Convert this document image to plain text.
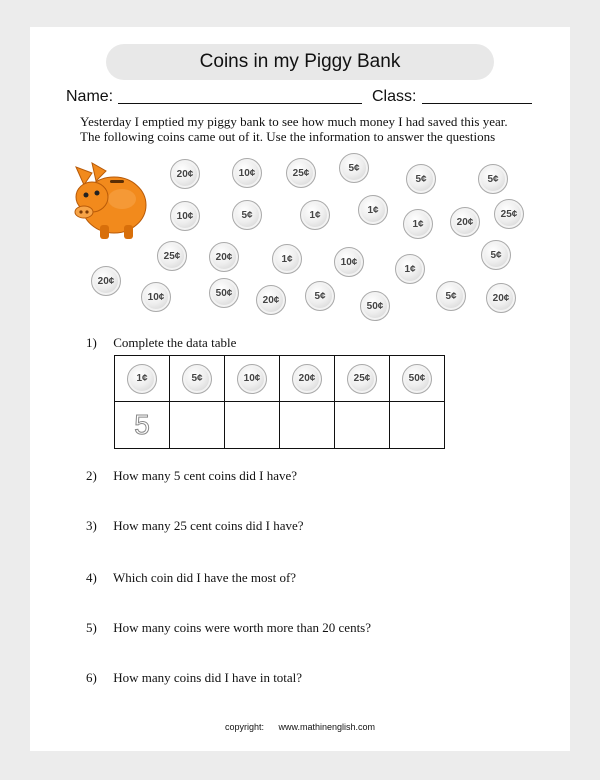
Coins in my Piggy Bank
Name:	Class:
Yesterday I emptied my piggy bank to see how much money I had saved this year.
The following coins came out of it. Use the information to answer the questions
20¢	10¢	25¢	5¢
5¢	5¢
10¢	5¢	1¢	1¢
1¢	20¢
25¢
25¢	20¢	1¢	10¢
1¢
5¢
20¢
10¢	50¢
20¢	5¢
50¢
5¢	20¢
1) Complete the data table
1¢	5¢	10¢	20¢	25¢	50¢

5					
2) How many 5 cent coins did I have?
3) How many 25 cent coins did I have?
4) Which coin did I have the most of?
5) How many coins were worth more than 20 cents?
6) How many coins did I have in total?
copyright: www.mathinenglish.com
